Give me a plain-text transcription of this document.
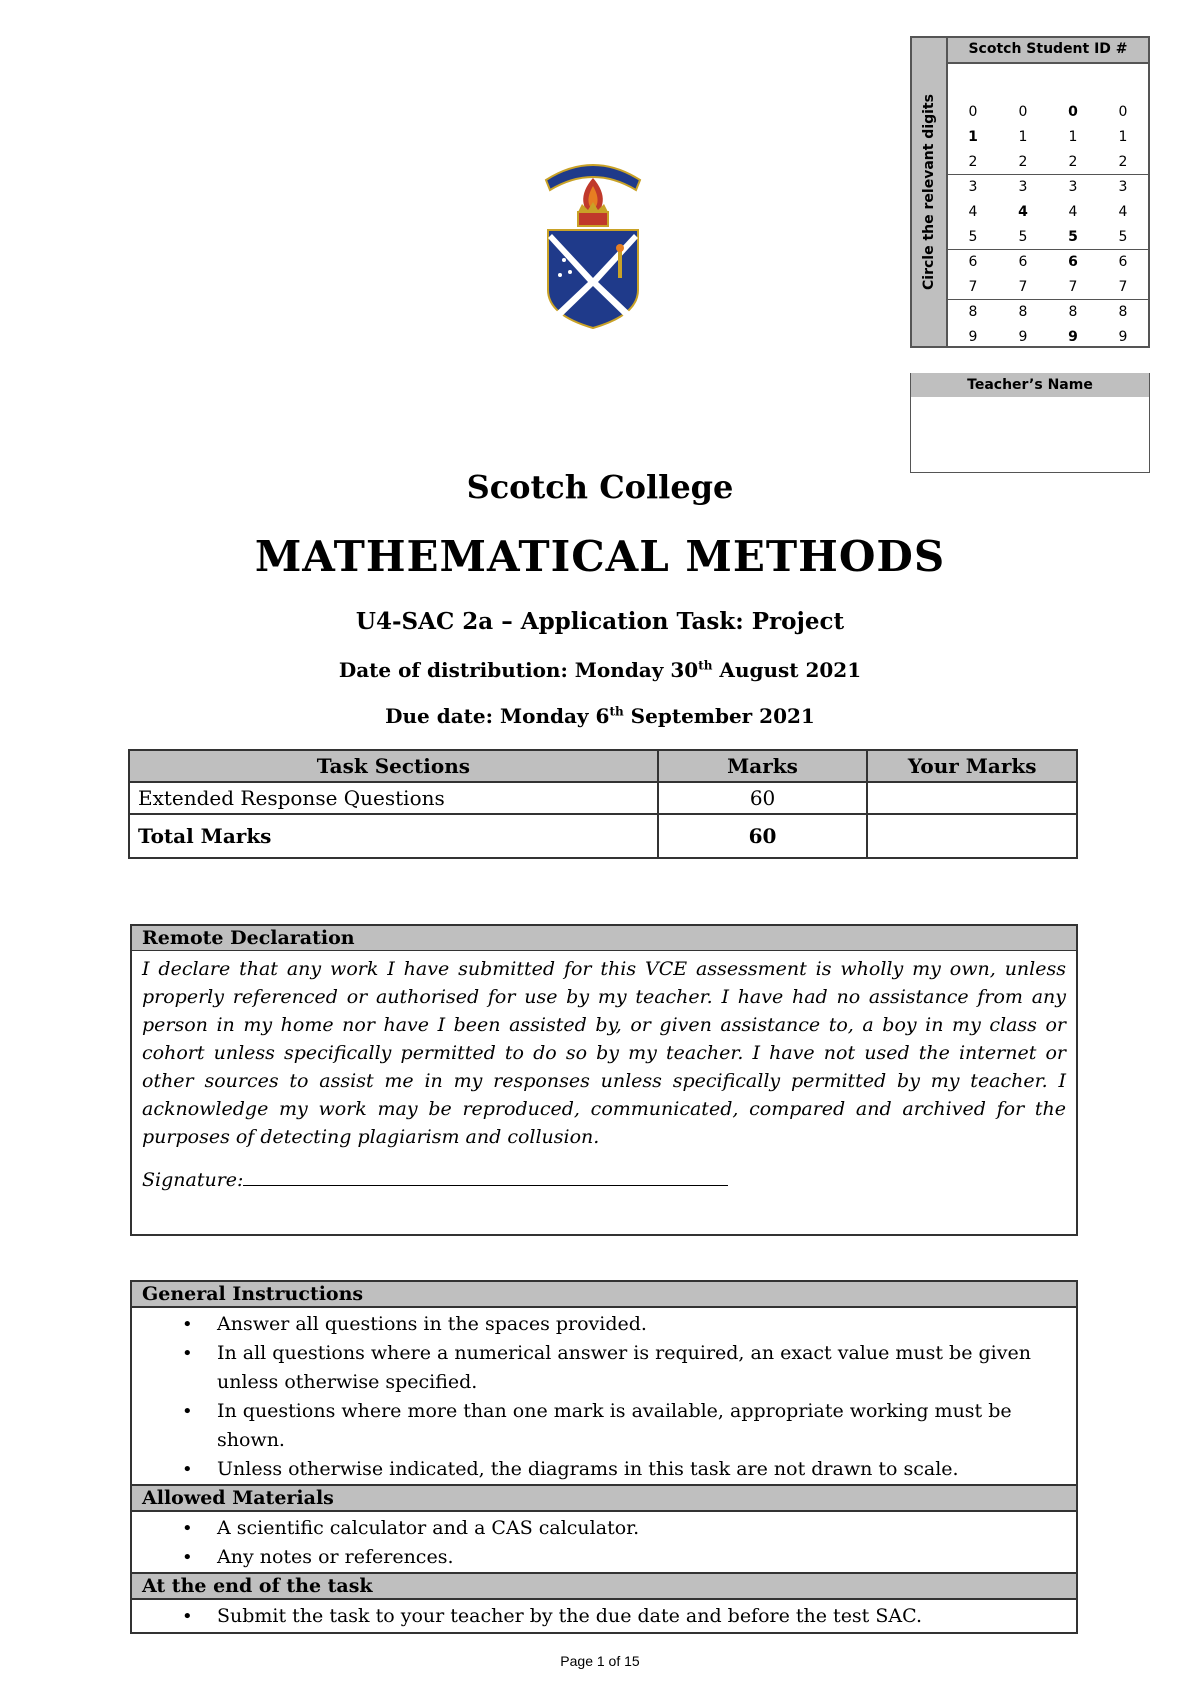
Circle the relevant digits
Scotch Student ID #
0	0	0	0
1	1	1	1
2	2	2	2
3	3	3	3
4	4	4	4
5	5	5	5
6	6	6	6
7	7	7	7
8	8	8	8
9	9	9	9
Teacher’s Name
Scotch College
MATHEMATICAL METHODS
U4-SAC 2a – Application Task: Project
Date of distribution: Monday 30th August 2021
Due date: Monday 6th September 2021
Task Sections	Marks	Your Marks
Extended Response Questions	60	
Total Marks	60	
Remote Declaration
I declare that any work I have submitted for this VCE assessment is wholly my own, unless properly referenced or authorised for use by my teacher. I have had no assistance from any person in my home nor have I been assisted by, or given assistance to, a boy in my class or cohort unless specifically permitted to do so by my teacher. I have not used the internet or other sources to assist me in my responses unless specifically permitted by my teacher. I acknowledge my work may be reproduced, communicated, compared and archived for the purposes of detecting plagiarism and collusion.
Signature:
General Instructions
• Answer all questions in the spaces provided.
• In all questions where a numerical answer is required, an exact value must be given unless otherwise specified.
• In questions where more than one mark is available, appropriate working must be shown.
• Unless otherwise indicated, the diagrams in this task are not drawn to scale.
Allowed Materials
• A scientific calculator and a CAS calculator.
• Any notes or references.
At the end of the task
• Submit the task to your teacher by the due date and before the test SAC.
Page 1 of 15
